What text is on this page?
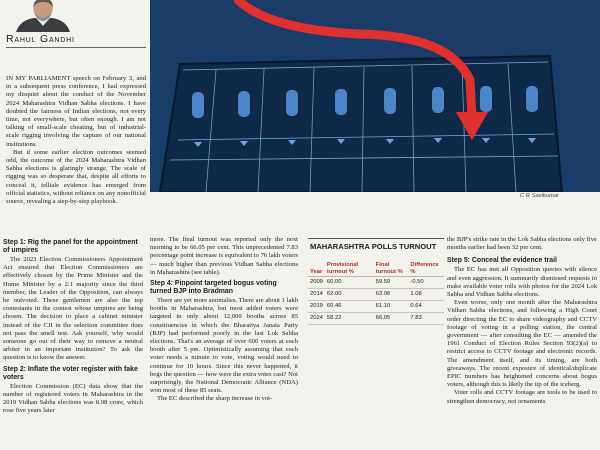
Rahul Gandhi

IN MY PARLIAMENT speech on February 3, and in a subsequent press conference, I had expressed my disquiet about the conduct of the November 2024 Maharashtra Vidhan Sabha elections. I have doubted the fairness of Indian elections, not every time, not everywhere, but often enough. I am not talking of small-scale cheating, but of industrial-scale rigging involving the capture of our national institutions.

But if some earlier election outcomes seemed odd, the outcome of the 2024 Maharashtra Vidhan Sabha elections is glaringly strange. The scale of rigging was so desperate that, despite all efforts to conceal it, telltale evidence has emerged from official statistics, without reliance on any nonofficial source, revealing a step-by-step playbook.

C R Sasikumar
Step 1: Rig the panel for the appointment of umpires

The 2023 Election Commissioners Appointment Act ensured that Election Commissioners are effectively chosen by the Prime Minister and the Home Minister by a 2:1 majority since the third member, the Leader of the Opposition, can always be outvoted. These gentlemen are also the top contestants in the contest whose umpires are being chosen. The decision to place a cabinet minister instead of the CJI in the selection committee does not pass the smell test. Ask yourself, why would someone go out of their way to remove a neutral arbiter in an important institution? To ask the question is to know the answer.

Step 2: Inflate the voter register with fake voters

Election Commission (EC) data show that the number of registered voters in Maharashtra in the 2019 Vidhan Sabha elections was 8.98 crore, which rose five years later

more. The final turnout was reported only the next morning to be 66.05 per cent. This unprecedented 7.83 percentage point increase is equivalent to 76 lakh voters — much higher than previous Vidhan Sabha elections in Maharashtra (see table).

Step 4: Pinpoint targeted bogus voting turned BJP into Bradman

There are yet more anomalies. There are about 1 lakh booths in Maharashtra, but most added voters were targeted in only about 12,000 booths across 85 constituencies in which the Bharatiya Janata Party (BJP) had performed poorly in the last Lok Sabha elections. That's an average of over 600 voters at each booth after 5 pm. Optimistically assuming that each voter needs a minute to vote, voting would need to continue for 10 hours. Since this never happened, it begs the question — how were the extra votes cast? Not surprisingly, the National Democratic Alliance (NDA) won most of these 85 seats.

The EC described the sharp increase in vot-

MAHARASHTRA POLLS TURNOUT
Year	Provisional turnout %	Final turnout %	Difference %
2009	60.00	59.50	-0.50
2014	62.00	63.08	1.08
2019	60.46	61.10	0.64
2024	58.22	66.05	7.83

the BJP's strike rate in the Lok Sabha elections only five months earlier had been 32 per cent.

Step 5: Conceal the evidence trail

The EC has met all Opposition queries with silence and even aggression. It summarily dismissed requests to make available voter rolls with photos for the 2024 Lok Sabha and Vidhan Sabha elections.

Even worse, only one month after the Maharashtra Vidhan Sabha elections, and following a High Court order directing the EC to share videography and CCTV footage of voting in a polling station, the central government — after consulting the EC — amended the 1961 Conduct of Election Rules Section 93(2)(a) to restrict access to CCTV footage and electronic records. The amendment itself, and its timing, are both giveaways. The recent exposure of identical/duplicate EPIC numbers has heightened concerns about bogus voters, although this is likely the tip of the iceberg.

Voter rolls and CCTV footage are tools to be used to strengthen democracy, not ornaments
